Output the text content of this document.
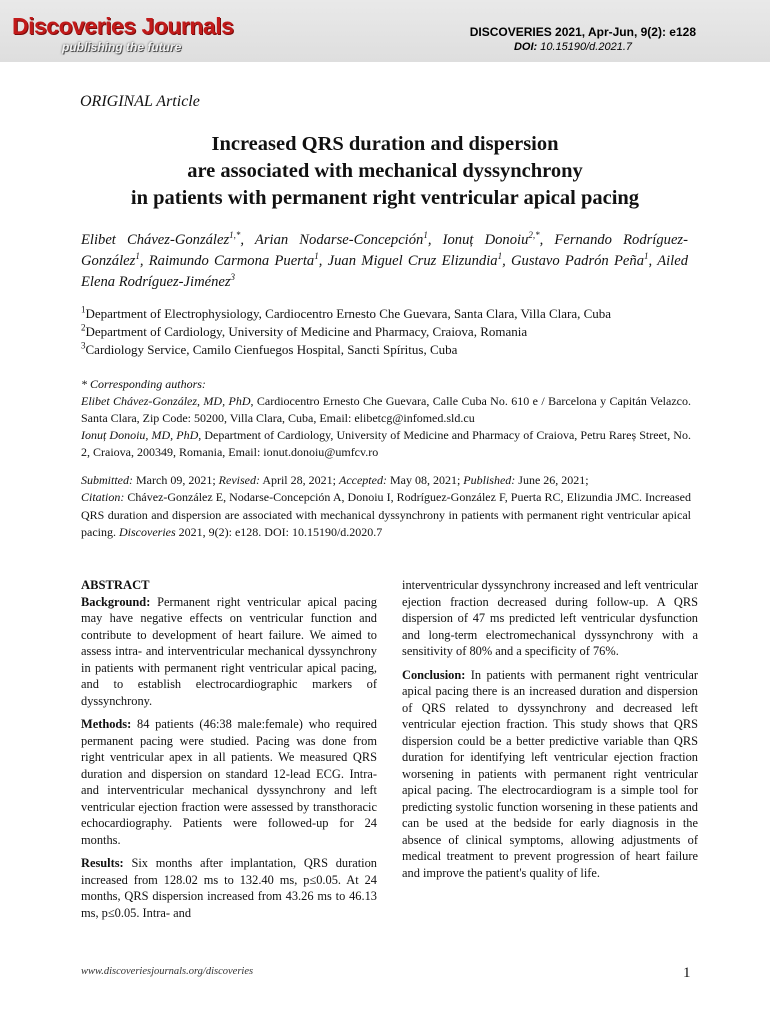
Discoveries Journals
publishing the future
DISCOVERIES 2021, Apr-Jun, 9(2): e128
DOI: 10.15190/d.2021.7
ORIGINAL Article
Increased QRS duration and dispersion
are associated with mechanical dyssynchrony
in patients with permanent right ventricular apical pacing
Elibet Chávez-González$^{1,*}$, Arian Nodarse-Concepción$^1$, Ionuț Donoiu$^{2,*}$, Fernando Rodríguez-González$^1$, Raimundo Carmona Puerta$^1$, Juan Miguel Cruz Elizundia$^1$, Gustavo Padrón Peña$^1$, Ailed Elena Rodríguez-Jiménez$^3$
$^1$Department of Electrophysiology, Cardiocentro Ernesto Che Guevara, Santa Clara, Villa Clara, Cuba
$^2$Department of Cardiology, University of Medicine and Pharmacy, Craiova, Romania
$^3$Cardiology Service, Camilo Cienfuegos Hospital, Sancti Spíritus, Cuba
* Corresponding authors:
Elibet Chávez-González, MD, PhD, Cardiocentro Ernesto Che Guevara, Calle Cuba No. 610 e / Barcelona y Capitán Velazco. Santa Clara, Zip Code: 50200, Villa Clara, Cuba, Email: elibetcg@infomed.sld.cu
Ionuț Donoiu, MD, PhD, Department of Cardiology, University of Medicine and Pharmacy of Craiova, Petru Rareș Street, No. 2, Craiova, 200349, Romania, Email: ionut.donoiu@umfcv.ro
Submitted: March 09, 2021; Revised: April 28, 2021; Accepted: May 08, 2021; Published: June 26, 2021;
Citation: Chávez-González E, Nodarse-Concepción A, Donoiu I, Rodríguez-González F, Puerta RC, Elizundia JMC. Increased QRS duration and dispersion are associated with mechanical dyssynchrony in patients with permanent right ventricular apical pacing. Discoveries 2021, 9(2): e128. DOI: 10.15190/d.2020.7
ABSTRACT

Background: Permanent right ventricular apical pacing may have negative effects on ventricular function and contribute to development of heart failure. We aimed to assess intra- and interventricular mechanical dyssynchrony in patients with permanent right ventricular apical pacing, and to establish electrocardiographic markers of dyssynchrony.

Methods: 84 patients (46:38 male:female) who required permanent pacing were studied. Pacing was done from right ventricular apex in all patients. We measured QRS duration and dispersion on standard 12-lead ECG. Intra- and interventricular mechanical dyssynchrony and left ventricular ejection fraction were assessed by transthoracic echocardiography. Patients were followed-up for 24 months.

Results: Six months after implantation, QRS duration increased from 128.02 ms to 132.40 ms, p≤0.05. At 24 months, QRS dispersion increased from 43.26 ms to 46.13 ms, p≤0.05. Intra- and

interventricular dyssynchrony increased and left ventricular ejection fraction decreased during follow-up. A QRS dispersion of 47 ms predicted left ventricular dysfunction and long-term electromechanical dyssynchrony with a sensitivity of 80% and a specificity of 76%.

Conclusion: In patients with permanent right ventricular apical pacing there is an increased duration and dispersion of QRS related to dyssynchrony and decreased left ventricular ejection fraction. This study shows that QRS dispersion could be a better predictive variable than QRS duration for identifying left ventricular ejection fraction worsening in patients with permanent right ventricular apical pacing. The electrocardiogram is a simple tool for predicting systolic function worsening in these patients and can be used at the bedside for early diagnosis in the absence of clinical symptoms, allowing adjustments of medical treatment to prevent progression of heart failure and improve the patient's quality of life.

www.discoveriesjournals.org/discoveries	1
